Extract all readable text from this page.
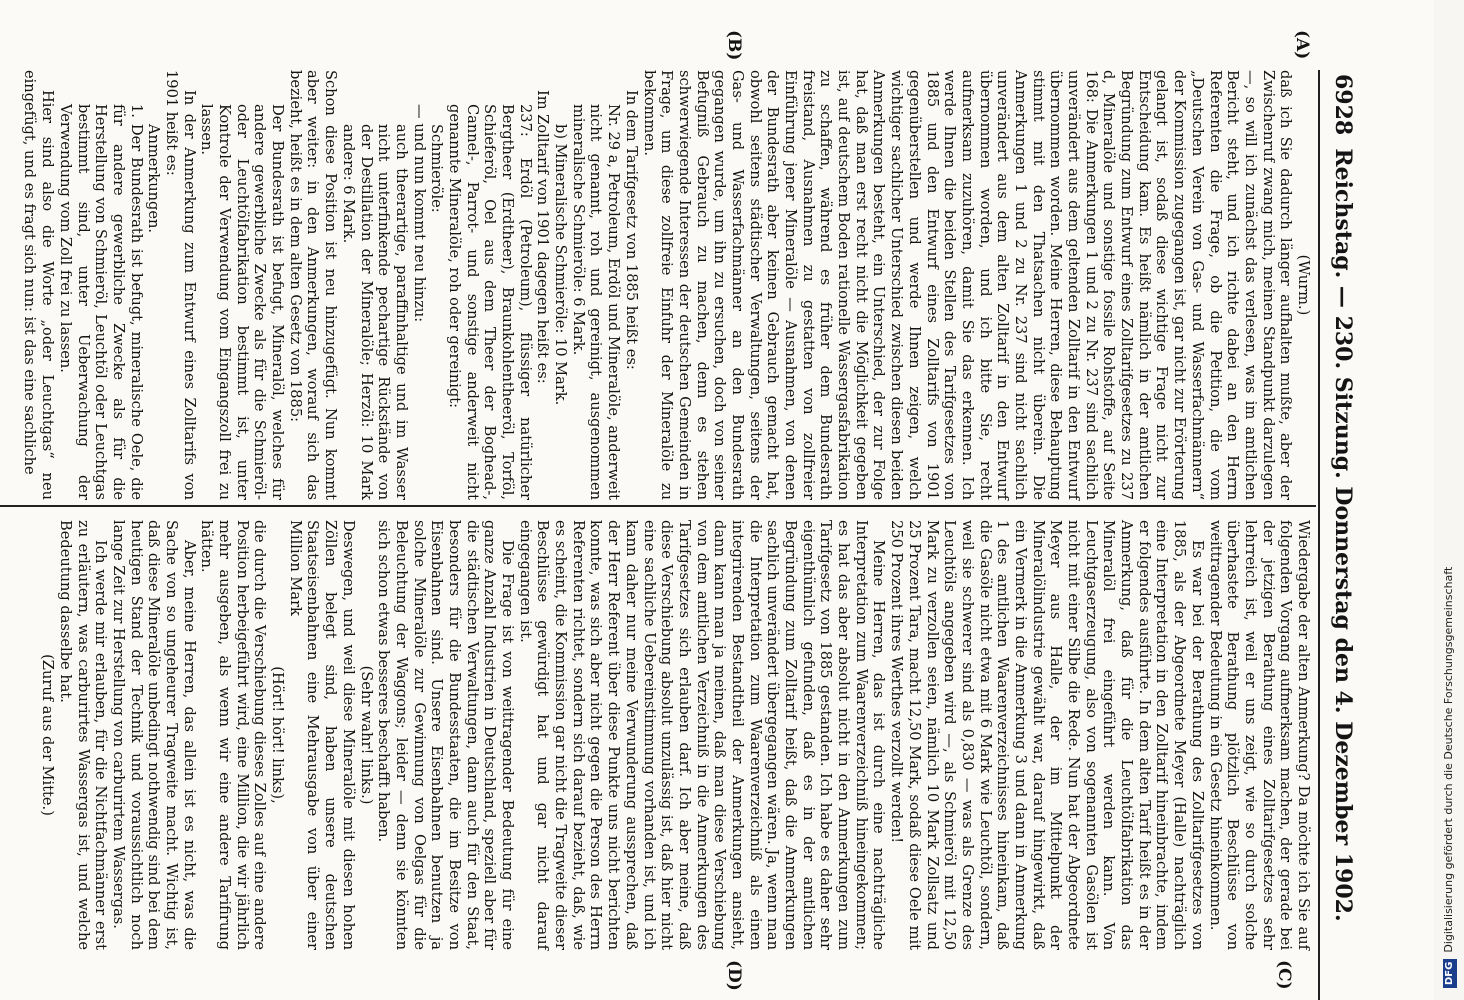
6928
Reichstag. — 230. Sitzung. Donnerstag den 4. Dezember 1902.
(A)
(B)
(C)
(D)

(Wurm.)

daß ich Sie dadurch länger aufhalten mußte, aber der Zwischenruf zwang mich, meinen Standpunkt darzulegen —, so will ich zunächst das verlesen, was im amtlichen Bericht steht, und ich richte dabei an den Herrn Referenten die Frage, ob die Petition, die vom „Deutschen Verein von Gas- und Wasserfachmännern“ der Kommission zugegangen ist, gar nicht zur Erörterung gelangt ist, sodaß diese wichtige Frage nicht zur Entscheidung kam. Es heißt nämlich in der amtlichen Begründung zum Entwurf eines Zolltarifgesetzes zu 237 d, Mineralöle und sonstige fossile Rohstoffe, auf Seite 168: Die Anmerkungen 1 und 2 zu Nr. 237 sind sachlich unverändert aus dem geltenden Zolltarif in den Entwurf übernommen worden. Meine Herren, diese Behauptung stimmt mit den Thatsachen nicht überein. Die Anmerkungen 1 und 2 zu Nr. 237 sind nicht sachlich unverändert aus dem alten Zolltarif in den Entwurf übernommen worden, und ich bitte Sie, recht aufmerksam zuzuhören, damit Sie das erkennen. Ich werde Ihnen die beiden Stellen des Tarifgesetzes von 1885 und den Entwurf eines Zolltarifs von 1901 gegenüberstellen und werde Ihnen zeigen, welch wichtiger sachlicher Unterschied zwischen diesen beiden Anmerkungen besteht, ein Unterschied, der zur Folge hat, daß man erst recht nicht die Möglichkeit gegeben ist, auf deutschem Boden rationelle Wassergasfabrikation zu schaffen, während es früher dem Bundesrath freistand, Ausnahmen zu gestatten von zollfreier Einführung jener Mineralöle — Ausnahmen, von denen der Bundesrath aber keinen Gebrauch gemacht hat, obwohl seitens städtischer Verwaltungen, seitens der Gas- und Wasserfachmänner an den Bundesrath gegangen wurde, um ihn zu ersuchen, doch von seiner Befugniß Gebrauch zu machen, denn es stehen schwerwiegende Interessen der deutschen Gemeinden in Frage, um diese zollfreie Einfuhr der Mineralöle zu bekommen.

In dem Tarifgesetz von 1885 heißt es:

Nr. 29 a, Petroleum, Erdöl und Mineralöle, anderweit nicht genannt, roh und gereinigt, ausgenommen mineralische Schmieröle: 6 Mark.

b) Mineralische Schmieröle: 10 Mark.

Im Zolltarif von 1901 dagegen heißt es:

237: Erdöl (Petroleum), flüssiger natürlicher Bergtheer (Erdtheer), Braunkohlentheeröl, Torföl, Schieferöl, Oel aus dem Theer der Boghead-, Cannel-, Parrot- und sonstige anderweit nicht genannte Mineralöle, roh oder gereinigt:

Schmieröle:

— und nun kommt neu hinzu:

auch theerartige, paraffinhaltige und im Wasser nicht unterfinkende pechartige Rückstände von der Destillation der Mineralöle; Herzöl: 10 Mark andere: 6 Mark.

Schon diese Position ist neu hinzugefügt. Nun kommt aber weiter: in den Anmerkungen, worauf sich das bezieht, heißt es in dem alten Gesetz von 1885:

Der Bundesrath ist befugt, Mineralöl, welches für andere gewerbliche Zwecke als für die Schmieröl- oder Leuchtölfabrikation bestimmt ist, unter Kontrole der Verwendung vom Eingangszoll frei zu lassen.

In der Anmerkung zum Entwurf eines Zolltarifs von 1901 heißt es:

Anmerkungen.

1. Der Bundesrath ist befugt, mineralische Oele, die für andere gewerbliche Zwecke als für die Herstellung von Schmieröl, Leuchtöl oder Leuchtgas bestimmt sind, unter Ueberwachung der Verwendung vom Zoll frei zu lassen.

Hier sind also die Worte „oder Leuchtgas“ neu eingefügt, und es fragt sich nun: ist das eine sachliche

Wiedergabe der alten Anmerkung? Da möchte ich Sie auf folgenden Vorgang aufmerksam machen, der gerade bei der jetzigen Berathung eines Zolltarifgesetzes sehr lehrreich ist, weil er uns zeigt, wie so durch solche überhastete Berathung plötzlich Beschlüsse von weittragender Bedeutung in ein Gesetz hineinkommen.

Es war bei der Berathung des Zolltarifgesetzes von 1885, als der Abgeordnete Meyer (Halle) nachträglich eine Interpretation in den Zolltarif hineinbrachte, indem er folgendes ausführte. In dem alten Tarif heißt es in der Anmerkung, daß für die Leuchtölfabrikation das Mineralöl frei eingeführt werden kann. Von Leuchtgaserzeugung, also von sogenannten Gasölen ist nicht mit einer Silbe die Rede. Nun hat der Abgeordnete Meyer aus Halle, der im Mittelpunkt der Mineralölindustrie gewählt war, darauf hingewirkt, daß ein Vermerk in die Anmerkung 3 und dann in Anmerkung 1 des amtlichen Waarenverzeichnisses hineinkam, daß die Gasöle nicht etwa mit 6 Mark wie Leuchtöl, sondern, weil sie schwerer sind als 0,830 — was als Grenze des Leuchtöls angegeben wird —, als Schmieröl mit 12,50 Mark zu verzollen seien, nämlich 10 Mark Zollsatz und 25 Prozent Tara, macht 12,50 Mark, sodaß diese Oele mit 250 Prozent ihres Werthes verzollt werden!

Meine Herren, das ist durch eine nachträgliche Interpretation zum Waarenverzeichniß hineingekommen; es hat das aber absolut nicht in den Anmerkungen zum Tarifgesetz von 1885 gestanden. Ich habe es daher sehr eigenthümlich gefunden, daß es in der amtlichen Begründung zum Zolltarif heißt, daß die Anmerkungen sachlich unverändert übergegangen wären. Ja, wenn man die Interpretation zum Waarenverzeichniß als einen integrirenden Bestandtheil der Anmerkungen ansieht, dann kann man ja meinen, daß man diese Verschiebung von dem amtlichen Verzeichniß in die Anmerkungen des Tarifgesetzes sich erlauben darf. Ich aber meine, daß diese Verschiebung absolut unzulässig ist, daß hier nicht eine sachliche Uebereinstimmung vorhanden ist, und ich kann daher nur meine Verwunderung aussprechen, daß der Herr Referent über diese Punkte uns nicht berichten konnte, was sich aber nicht gegen die Person des Herrn Referenten richtet, sondern sich darauf bezieht, daß, wie es scheint, die Kommission gar nicht die Tragweite dieser Beschlüsse gewürdigt hat und gar nicht darauf eingegangen ist.

Die Frage ist von weittragender Bedeutung für eine ganze Anzahl Industrien in Deutschland, speziell aber für die städtischen Verwaltungen, dann auch für den Staat, besonders für die Bundesstaaten, die im Besitze von Eisenbahnen sind. Unsere Eisenbahnen benutzen ja solche Mineralöle zur Gewinnung von Oelgas für die Beleuchtung der Waggons; leider — denn sie könnten sich schon etwas besseres beschafft haben.

(Sehr wahr! links.)

Deswegen, und weil diese Mineralöle mit diesen hohen Zöllen belegt sind, haben unsere deutschen Staatseisenbahnen eine Mehrausgabe von über einer Million Mark

(Hört! hört! links),

die durch die Verschiebung dieses Zolles auf eine andere Position herbeigeführt wird, eine Million, die wir jährlich mehr ausgeben, als wenn wir eine andere Tarifirung hätten.

Aber, meine Herren, das allein ist es nicht, was die Sache von so ungeheurer Tragweite macht. Wichtig ist, daß diese Mineralöle unbedingt nothwendig sind bei dem heutigen Stand der Technik und voraussichtlich noch lange Zeit zur Herstellung von carburirtem Wassergas.

Ich werde mir erlauben, für die Nichtfachmänner erst zu erläutern, was carburirtes Wassergas ist, und welche Bedeutung dasselbe hat.

(Zuruf aus der Mitte.)

DFGDigitalisierung gefördert durch die Deutsche Forschungsgemeinschaft
